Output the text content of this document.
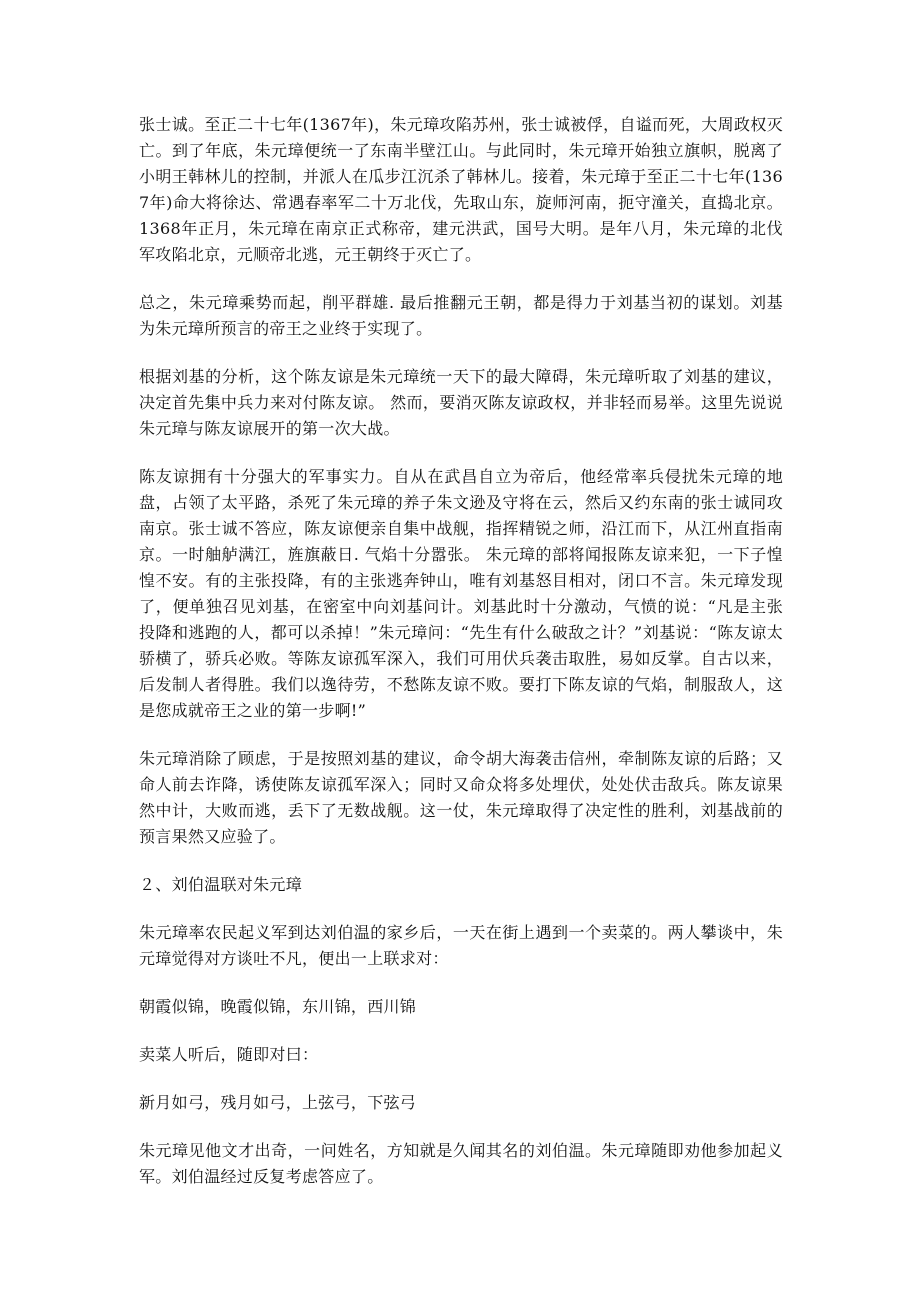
张士诚。至正二十七年(1367年)，朱元璋攻陷苏州，张士诚被俘，自谥而死，大周政权灭亡。到了年底，朱元璋便统一了东南半壁江山。与此同时，朱元璋开始独立旗帜，脱离了小明王韩林儿的控制，并派人在瓜步江沉杀了韩林儿。接着，朱元璋于至正二十七年(1367年)命大将徐达、常遇春率军二十万北伐，先取山东，旋师河南，扼守潼关，直捣北京。1368年正月，朱元璋在南京正式称帝，建元洪武，国号大明。是年八月，朱元璋的北伐军攻陷北京，元顺帝北逃，元王朝终于灭亡了。

总之，朱元璋乘势而起，削平群雄. 最后推翻元王朝，都是得力于刘基当初的谋划。刘基为朱元璋所预言的帝王之业终于实现了。

根据刘基的分析，这个陈友谅是朱元璋统一天下的最大障碍，朱元璋听取了刘基的建议，决定首先集中兵力来对付陈友谅。 然而，要消灭陈友谅政权，并非轻而易举。这里先说说朱元璋与陈友谅展开的第一次大战。

陈友谅拥有十分强大的军事实力。自从在武昌自立为帝后，他经常率兵侵扰朱元璋的地盘，占领了太平路，杀死了朱元璋的养子朱文逊及守将在云，然后又约东南的张士诚同攻南京。张士诚不答应，陈友谅便亲自集中战舰，指挥精锐之师，沿江而下，从江州直指南京。一时舳舻满江，旌旗蔽日. 气焰十分嚣张。 朱元璋的部将闻报陈友谅来犯，一下子惶惶不安。有的主张投降，有的主张逃奔钟山，唯有刘基怒目相对，闭口不言。朱元璋发现了，便单独召见刘基，在密室中向刘基问计。刘基此时十分激动，气愤的说：“凡是主张投降和逃跑的人，都可以杀掉！”朱元璋问：“先生有什么破敌之计？”刘基说：“陈友谅太骄横了，骄兵必败。等陈友谅孤军深入，我们可用伏兵袭击取胜，易如反掌。自古以来，后发制人者得胜。我们以逸待劳，不愁陈友谅不败。要打下陈友谅的气焰，制服敌人，这是您成就帝王之业的第一步啊!”

朱元璋消除了顾虑，于是按照刘基的建议，命令胡大海袭击信州，牵制陈友谅的后路；又命人前去诈降，诱使陈友谅孤军深入；同时又命众将多处埋伏，处处伏击敌兵。陈友谅果然中计，大败而逃，丢下了无数战舰。这一仗，朱元璋取得了决定性的胜利，刘基战前的预言果然又应验了。

２、刘伯温联对朱元璋

朱元璋率农民起义军到达刘伯温的家乡后，一天在街上遇到一个卖菜的。两人攀谈中，朱元璋觉得对方谈吐不凡，便出一上联求对：

朝霞似锦，晚霞似锦，东川锦，西川锦

卖菜人听后，随即对曰：

新月如弓，残月如弓，上弦弓，下弦弓

朱元璋见他文才出奇，一问姓名，方知就是久闻其名的刘伯温。朱元璋随即劝他参加起义军。刘伯温经过反复考虑答应了。
